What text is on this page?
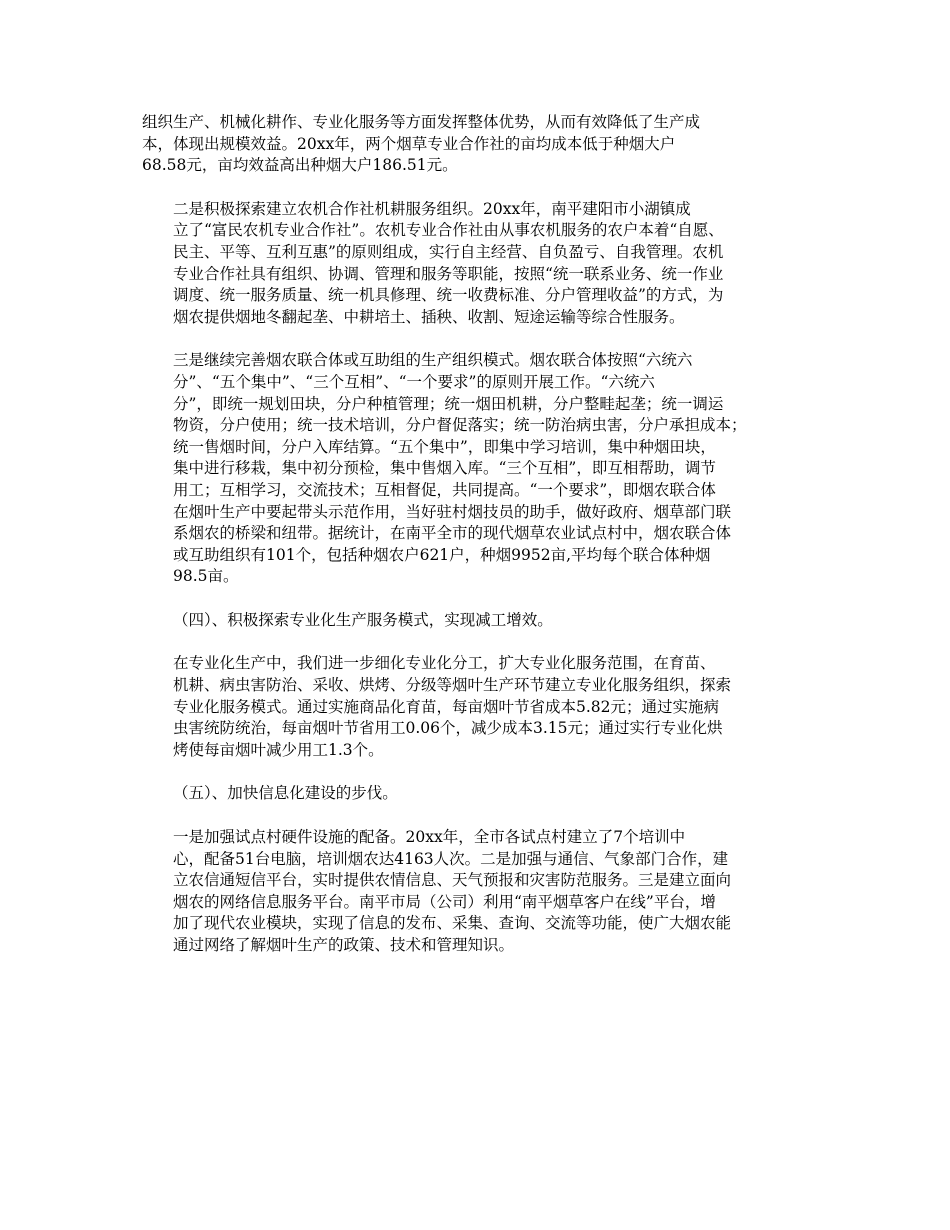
组织生产、机械化耕作、专业化服务等方面发挥整体优势，从而有效降低了生产成
本，体现出规模效益。20xx年，两个烟草专业合作社的亩均成本低于种烟大户
68.58元，亩均效益高出种烟大户186.51元。

二是积极探索建立农机合作社机耕服务组织。20xx年，南平建阳市小湖镇成
立了“富民农机专业合作社”。农机专业合作社由从事农机服务的农户本着“自愿、
民主、平等、互利互惠”的原则组成，实行自主经营、自负盈亏、自我管理。农机
专业合作社具有组织、协调、管理和服务等职能，按照“统一联系业务、统一作业
调度、统一服务质量、统一机具修理、统一收费标准、分户管理收益”的方式，为
烟农提供烟地冬翻起垄、中耕培土、插秧、收割、短途运输等综合性服务。

三是继续完善烟农联合体或互助组的生产组织模式。烟农联合体按照“六统六
分”、“五个集中”、“三个互相”、“一个要求”的原则开展工作。“六统六
分”，即统一规划田块，分户种植管理；统一烟田机耕，分户整畦起垄；统一调运
物资，分户使用；统一技术培训，分户督促落实；统一防治病虫害，分户承担成本；
统一售烟时间，分户入库结算。“五个集中”，即集中学习培训，集中种烟田块，
集中进行移栽，集中初分预检，集中售烟入库。“三个互相”，即互相帮助，调节
用工；互相学习，交流技术；互相督促，共同提高。“一个要求”，即烟农联合体
在烟叶生产中要起带头示范作用，当好驻村烟技员的助手，做好政府、烟草部门联
系烟农的桥梁和纽带。据统计，在南平全市的现代烟草农业试点村中，烟农联合体
或互助组织有101个，包括种烟农户621户，种烟9952亩,平均每个联合体种烟
98.5亩。

（四）、积极探索专业化生产服务模式，实现减工增效。

在专业化生产中，我们进一步细化专业化分工，扩大专业化服务范围，在育苗、
机耕、病虫害防治、采收、烘烤、分级等烟叶生产环节建立专业化服务组织，探索
专业化服务模式。通过实施商品化育苗，每亩烟叶节省成本5.82元；通过实施病
虫害统防统治，每亩烟叶节省用工0.06个，减少成本3.15元；通过实行专业化烘
烤使每亩烟叶减少用工1.3个。

（五）、加快信息化建设的步伐。

一是加强试点村硬件设施的配备。20xx年，全市各试点村建立了7个培训中
心，配备51台电脑，培训烟农达4163人次。二是加强与通信、气象部门合作，建
立农信通短信平台，实时提供农情信息、天气预报和灾害防范服务。三是建立面向
烟农的网络信息服务平台。南平市局（公司）利用“南平烟草客户在线”平台，增
加了现代农业模块，实现了信息的发布、采集、查询、交流等功能，使广大烟农能
通过网络了解烟叶生产的政策、技术和管理知识。
